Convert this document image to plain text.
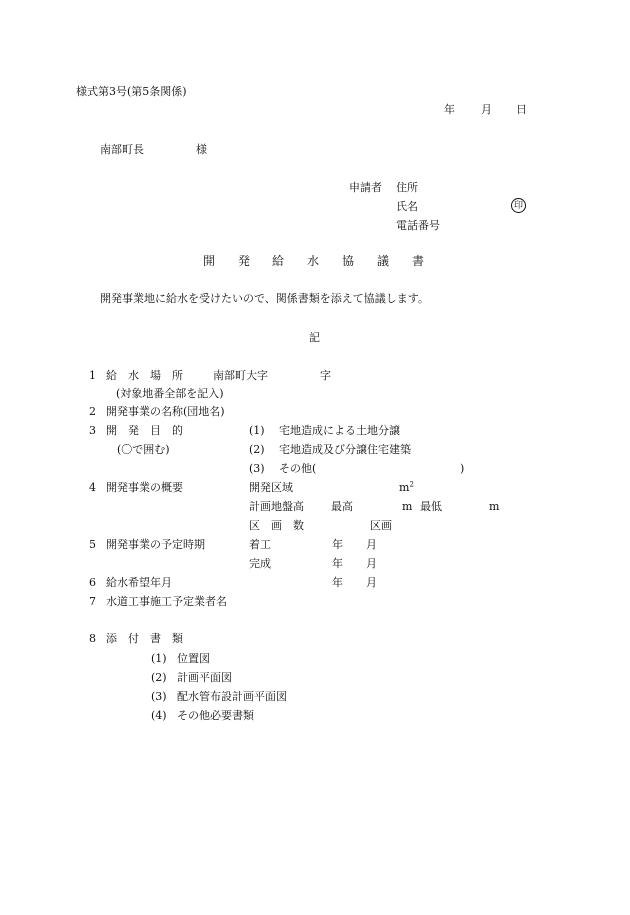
様式第3号(第5条関係)
年 月 日
南部町長	様
申請者 住所
氏名	印
電話番号
開 発 給 水 協 議 書
開発事業地に給水を受けたいので、関係書類を添えて協議します。
記
1 給　水　場　所	南部町大字	字
(対象地番全部を記入)
2 開発事業の名称(団地名)
3 開　発　目　的
(〇で囲む)
(1) 宅地造成による土地分譲
(2) 宅地造成及び分譲住宅建築
(3) その他(	)
4 開発事業の概要	開発区域	$m^2$
計画地盤高 最高	m 最低	m
区　画　数	区画
5 開発事業の予定時期	着工	年 月
完成	年 月
6 給水希望年月	年 月
7 水道工事施工予定業者名
8 添　付　書　類
(1) 位置図
(2) 計画平面図
(3) 配水管布設計画平面図
(4) その他必要書類
